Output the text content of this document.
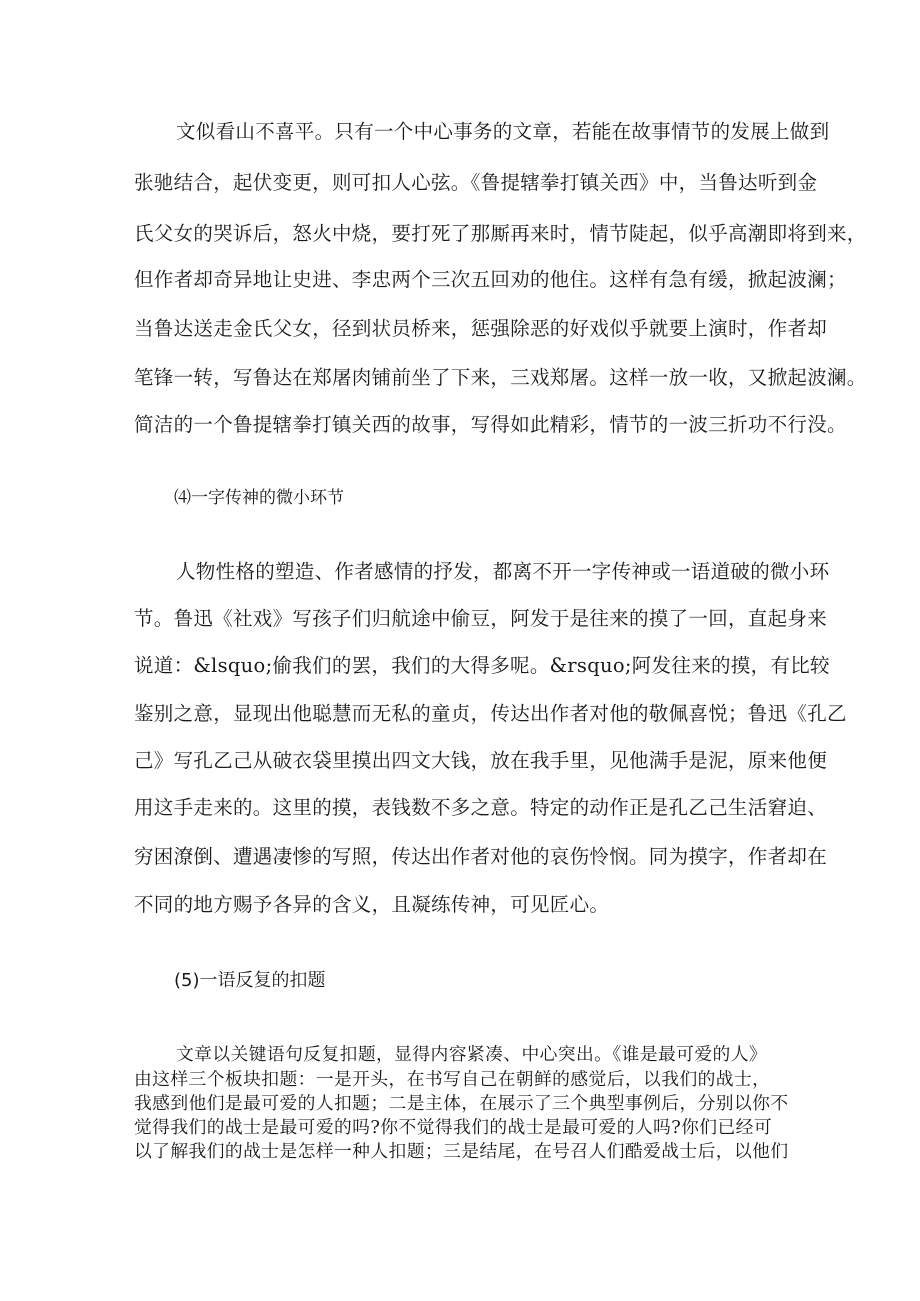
文似看山不喜平。只有一个中心事务的文章，若能在故事情节的发展上做到
张驰结合，起伏变更，则可扣人心弦。《鲁提辖拳打镇关西》中，当鲁达听到金
氏父女的哭诉后，怒火中烧，要打死了那厮再来时，情节陡起，似乎高潮即将到来，
但作者却奇异地让史进、李忠两个三次五回劝的他住。这样有急有缓，掀起波澜；
当鲁达送走金氏父女，径到状员桥来，惩强除恶的好戏似乎就要上演时，作者却
笔锋一转，写鲁达在郑屠肉铺前坐了下来，三戏郑屠。这样一放一收，又掀起波澜。
简洁的一个鲁提辖拳打镇关西的故事，写得如此精彩，情节的一波三折功不行没。
⑷一字传神的微小环节
人物性格的塑造、作者感情的抒发，都离不开一字传神或一语道破的微小环
节。鲁迅《社戏》写孩子们归航途中偷豆，阿发于是往来的摸了一回，直起身来
说道：&lsquo;偷我们的罢，我们的大得多呢。&rsquo;阿发往来的摸，有比较
鉴别之意，显现出他聪慧而无私的童贞，传达出作者对他的敬佩喜悦；鲁迅《孔乙
己》写孔乙己从破衣袋里摸出四文大钱，放在我手里，见他满手是泥，原来他便
用这手走来的。这里的摸，表钱数不多之意。特定的动作正是孔乙己生活窘迫、
穷困潦倒、遭遇凄惨的写照，传达出作者对他的哀伤怜悯。同为摸字，作者却在
不同的地方赐予各异的含义，且凝练传神，可见匠心。
(5)一语反复的扣题
文章以关键语句反复扣题，显得内容紧凑、中心突出。《谁是最可爱的人》
由这样三个板块扣题：一是开头，在书写自己在朝鲜的感觉后，以我们的战士，
我感到他们是最可爱的人扣题；二是主体，在展示了三个典型事例后，分别以你不
觉得我们的战士是最可爱的吗?你不觉得我们的战士是最可爱的人吗?你们已经可
以了解我们的战士是怎样一种人扣题；三是结尾，在号召人们酷爱战士后，以他们
